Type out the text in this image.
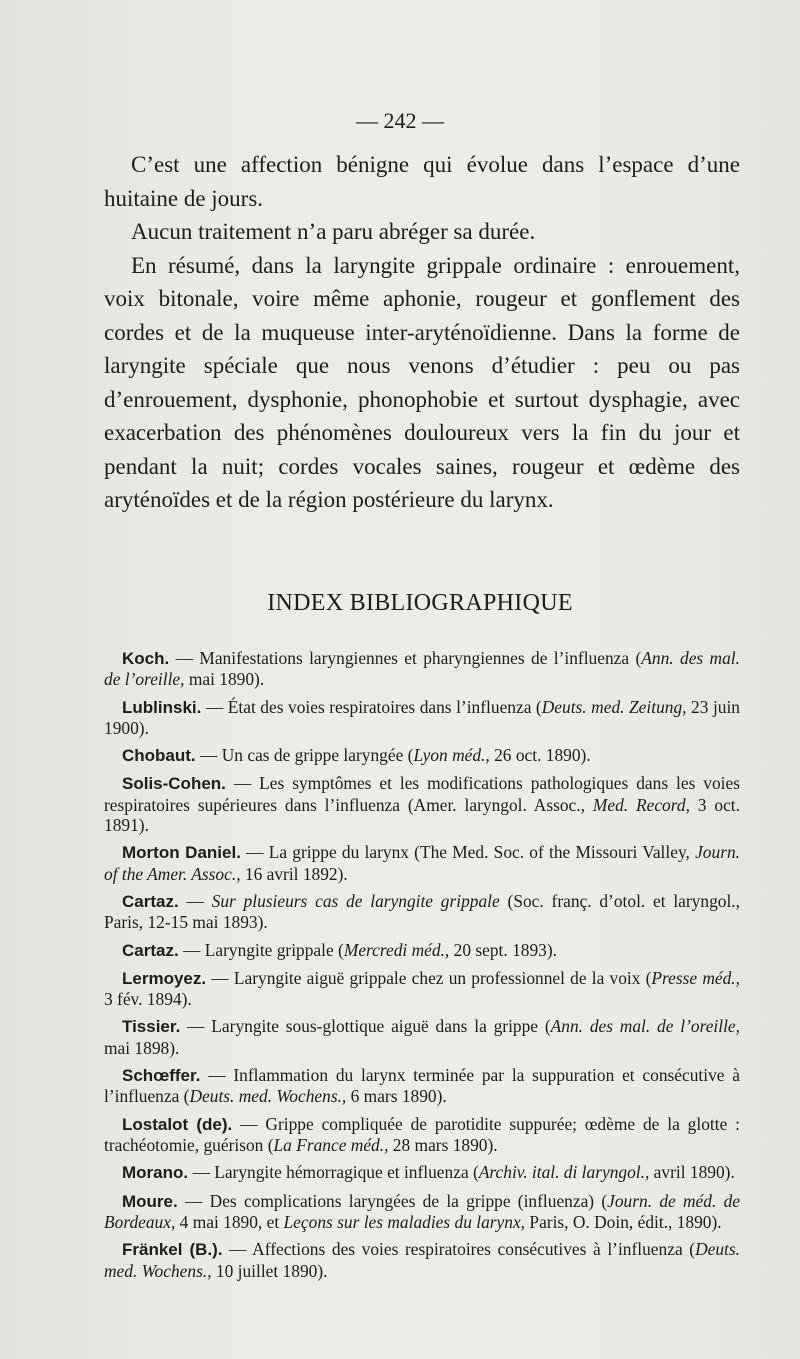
— 242 —

C’est une affection bénigne qui évolue dans l’espace d’une huitaine de jours.

Aucun traitement n’a paru abréger sa durée.

En résumé, dans la laryngite grippale ordinaire : enrouement, voix bitonale, voire même aphonie, rougeur et gonflement des cordes et de la muqueuse inter-aryténoïdienne. Dans la forme de laryngite spéciale que nous venons d’étudier : peu ou pas d’enrouement, dysphonie, phonophobie et surtout dysphagie, avec exacerbation des phénomènes douloureux vers la fin du jour et pendant la nuit; cordes vocales saines, rougeur et œdème des aryténoïdes et de la région postérieure du larynx.

INDEX BIBLIOGRAPHIQUE

Koch. — Manifestations laryngiennes et pharyngiennes de l’influenza (Ann. des mal. de l’oreille, mai 1890).

Lublinski. — État des voies respiratoires dans l’influenza (Deuts. med. Zeitung, 23 juin 1900).

Chobaut. — Un cas de grippe laryngée (Lyon méd., 26 oct. 1890).

Solis-Cohen. — Les symptômes et les modifications pathologiques dans les voies respiratoires supérieures dans l’influenza (Amer. laryngol. Assoc., Med. Record, 3 oct. 1891).

Morton Daniel. — La grippe du larynx (The Med. Soc. of the Missouri Valley, Journ. of the Amer. Assoc., 16 avril 1892).

Cartaz. — Sur plusieurs cas de laryngite grippale (Soc. franç. d’otol. et laryngol., Paris, 12-15 mai 1893).

Cartaz. — Laryngite grippale (Mercredi méd., 20 sept. 1893).

Lermoyez. — Laryngite aiguë grippale chez un professionnel de la voix (Presse méd., 3 fév. 1894).

Tissier. — Laryngite sous-glottique aiguë dans la grippe (Ann. des mal. de l’oreille, mai 1898).

Schœffer. — Inflammation du larynx terminée par la suppuration et consécutive à l’influenza (Deuts. med. Wochens., 6 mars 1890).

Lostalot (de). — Grippe compliquée de parotidite suppurée; œdème de la glotte : trachéotomie, guérison (La France méd., 28 mars 1890).

Morano. — Laryngite hémorragique et influenza (Archiv. ital. di laryngol., avril 1890).

Moure. — Des complications laryngées de la grippe (influenza) (Journ. de méd. de Bordeaux, 4 mai 1890, et Leçons sur les maladies du larynx, Paris, O. Doin, édit., 1890).

Fränkel (B.). — Affections des voies respiratoires consécutives à l’influenza (Deuts. med. Wochens., 10 juillet 1890).
